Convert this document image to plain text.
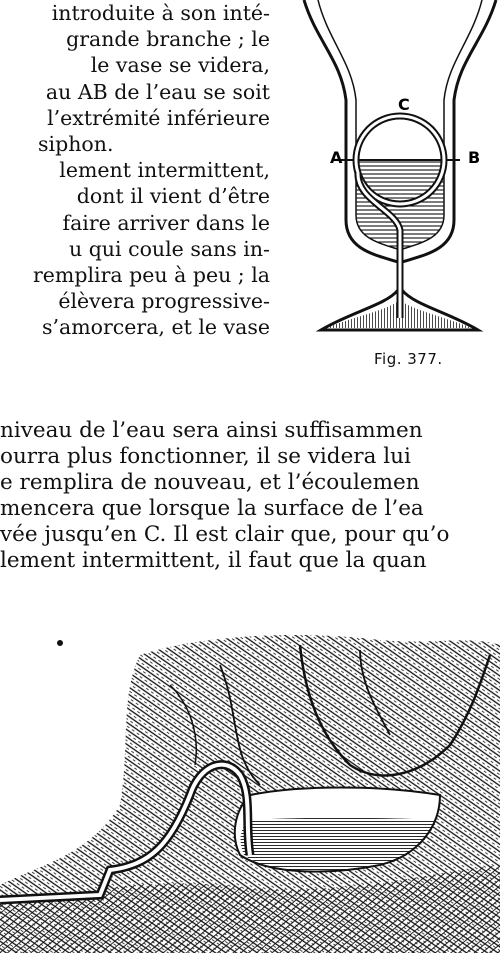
introduite à son inté-
grande branche ; le
le vase se videra,
au AB de l’eau se soit
l’extrémité inférieure
siphon.
lement intermittent,
dont il vient d’être
faire arriver dans le
u qui coule sans in-
remplira peu à peu ; la
élèvera progressive-
s’amorcera, et le vase
A	B
C
Fig. 377.
niveau de l’eau sera ainsi suffisammen
ourra plus fonctionner, il se videra lui
e remplira de nouveau, et l’écoulemen
mencera que lorsque la surface de l’ea
vée jusqu’en C. Il est clair que, pour qu’o
lement intermittent, il faut que la quan
